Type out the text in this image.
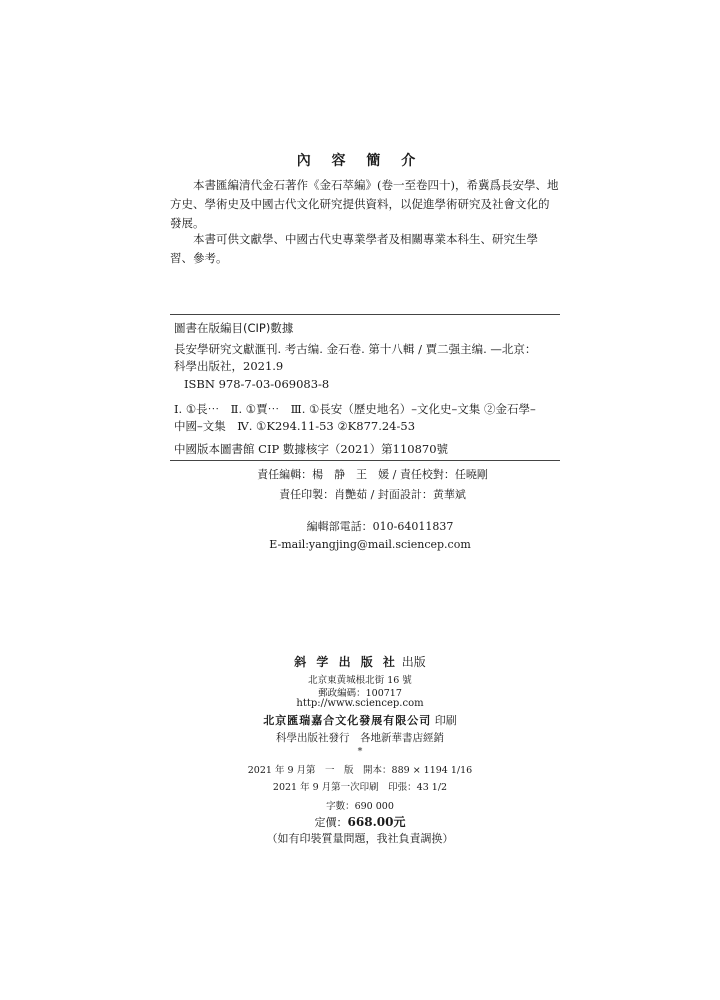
內 容 簡 介
本書匯編清代金石著作《金石萃編》(卷一至卷四十)，希冀爲長安學、地方史、學術史及中國古代文化研究提供資料，以促進學術研究及社會文化的發展。
本書可供文獻學、中國古代史專業學者及相關專業本科生、研究生學習、參考。
圖書在版編目(CIP)數據
長安學研究文獻滙刊. 考古编. 金石卷. 第十八輯 / 賈二强主编. —北京：
科學出版社，2021.9
ISBN 978-7-03-069083-8
Ⅰ. ①長⋯　Ⅱ. ①賈⋯　Ⅲ. ①長安（歷史地名）–文化史–文集 ②金石學–
中國–文集　Ⅳ. ①K294.11-53 ②K877.24-53
中國版本圖書館 CIP 數據核字（2021）第110870號
責任編輯：楊　静　王　媛 / 責任校對：任曉剛
責任印製：肖艷茹 / 封面設計：黄華斌
編輯部電話：010-64011837
E-mail:yangjing@mail.sciencep.com
斜 学 出 版 社 出版
北京東黄城根北街 16 號
郵政編碼：100717
http://www.sciencep.com
北京匯瑞嘉合文化發展有限公司 印刷
科學出版社發行　各地新華書店經銷
*
2021 年 9 月第　一　版　開本：889 × 1194 1/16
2021 年 9 月第一次印刷　印張：43 1/2
字數：690 000
定價：668.00元
（如有印裝質量問題，我社負責調换）
